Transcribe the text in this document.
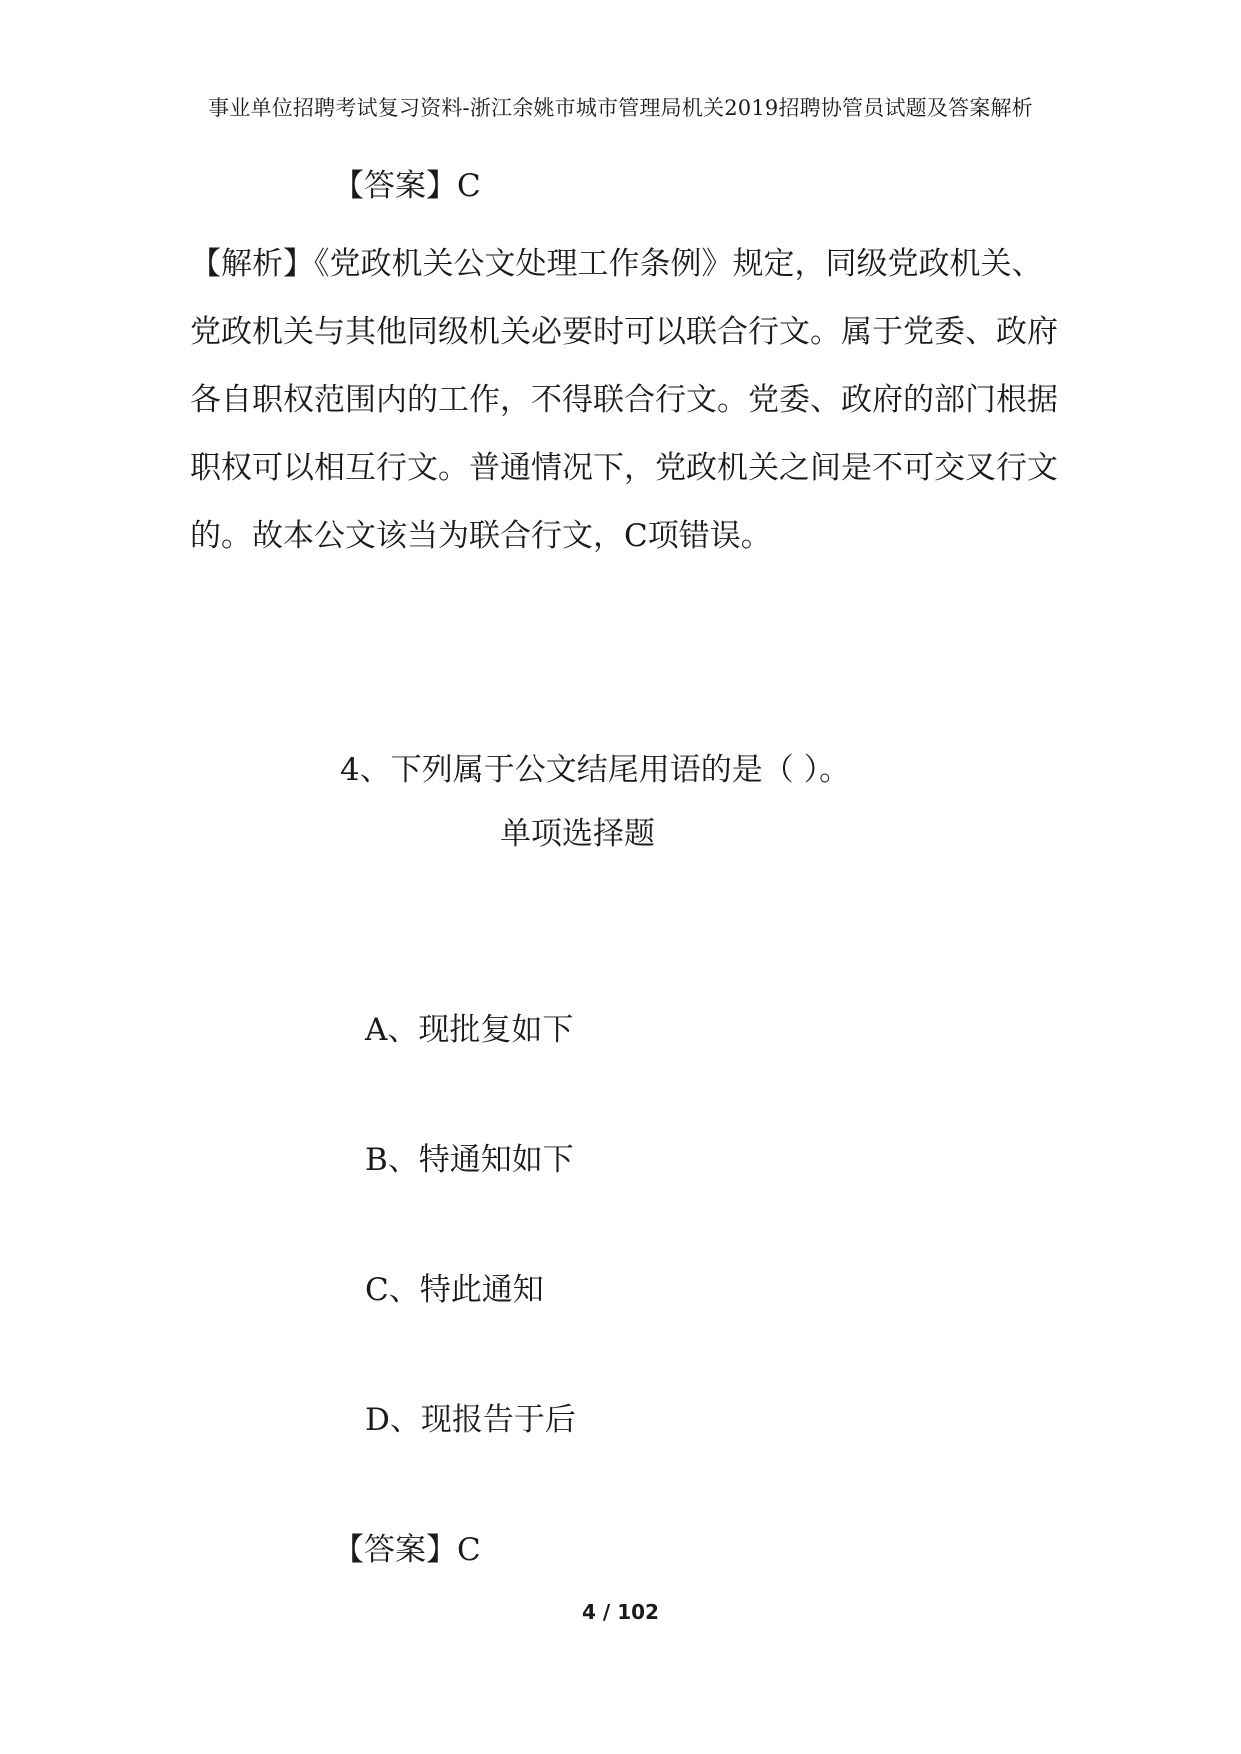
事业单位招聘考试复习资料-浙江余姚市城市管理局机关2019招聘协管员试题及答案解析
【答案】C
【解析】《党政机关公文处理工作条例》规定，同级党政机关、
党政机关与其他同级机关必要时可以联合行文。属于党委、政府
各自职权范围内的工作，不得联合行文。党委、政府的部门根据
职权可以相互行文。普通情况下，党政机关之间是不可交叉行文
的。故本公文该当为联合行文，C项错误。
4、下列属于公文结尾用语的是（ ）。
单项选择题
A、现批复如下
B、特通知如下
C、特此通知
D、现报告于后
【答案】C
4 / 102
